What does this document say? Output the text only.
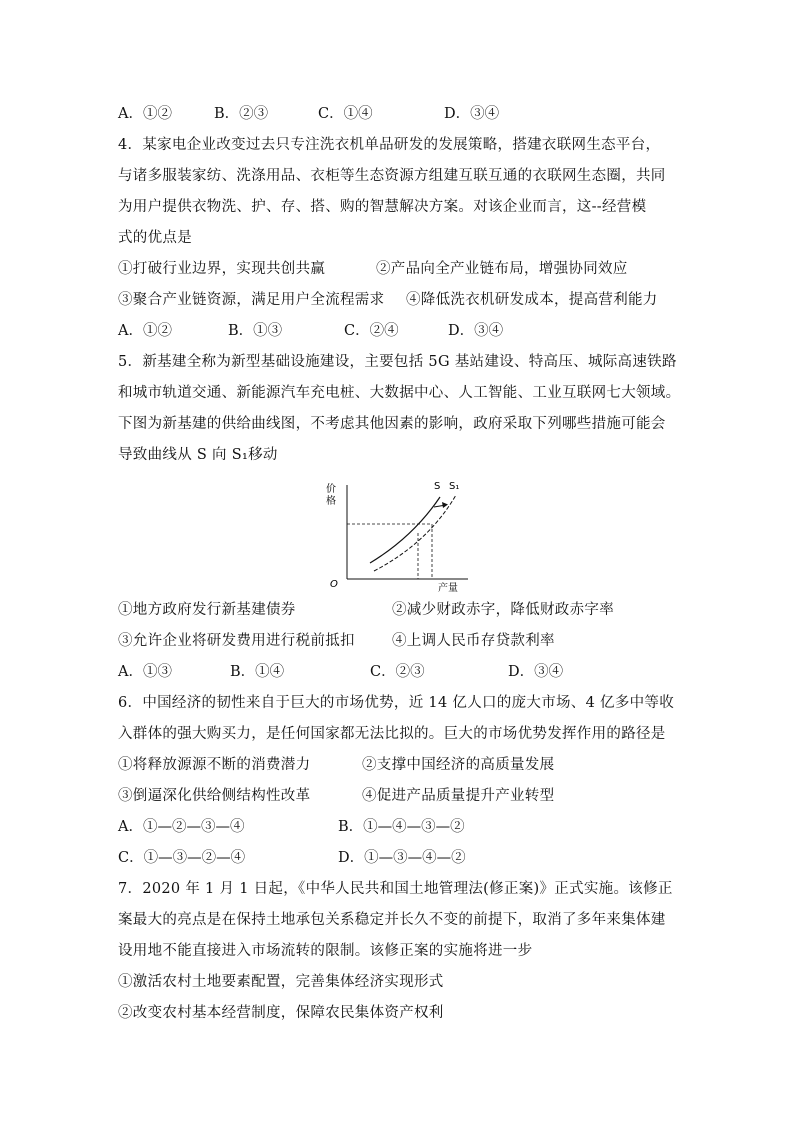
A．①②	B．②③	C．①④	D．③④
4．某家电企业改变过去只专注洗衣机单品研发的发展策略，搭建衣联网生态平台，
与诸多服装家纺、洗涤用品、衣柜等生态资源方组建互联互通的衣联网生态圈，共同
为用户提供衣物洗、护、存、搭、购的智慧解决方案。对该企业而言，这--经营模
式的优点是
①打破行业边界，实现共创共赢	②产品向全产业链布局，增强协同效应
③聚合产业链资源，满足用户全流程需求 ④降低洗衣机研发成本，提高营利能力
A．①②	B．①③	C．②④	D．③④
5．新基建全称为新型基础设施建设，主要包括 5G 基站建设、特高压、城际高速铁路
和城市轨道交通、新能源汽车充电桩、大数据中心、人工智能、工业互联网七大领域。
下图为新基建的供给曲线图，不考虑其他因素的影响，政府采取下列哪些措施可能会
导致曲线从 S 向 S₁移动
价
格
产量
O
S S₁
①地方政府发行新基建债券	②减少财政赤字，降低财政赤字率
③允许企业将研发费用进行税前抵扣	④上调人民币存贷款利率
A．①③	B．①④	C．②③	D．③④
6．中国经济的韧性来自于巨大的市场优势，近 14 亿人口的庞大市场、4 亿多中等收
入群体的强大购买力，是任何国家都无法比拟的。巨大的市场优势发挥作用的路径是
①将释放源源不断的消费潜力	②支撑中国经济的高质量发展
③倒逼深化供给侧结构性改革	④促进产品质量提升产业转型
A．①—②—③—④	B．①—④—③—②
C．①—③—②—④	D．①—③—④—②
7．2020 年 1 月 1 日起，《中华人民共和国土地管理法(修正案)》正式实施。该修正
案最大的亮点是在保持土地承包关系稳定并长久不变的前提下，取消了多年来集体建
设用地不能直接进入市场流转的限制。该修正案的实施将进一步
①激活农村土地要素配置，完善集体经济实现形式
②改变农村基本经营制度，保障农民集体资产权利
